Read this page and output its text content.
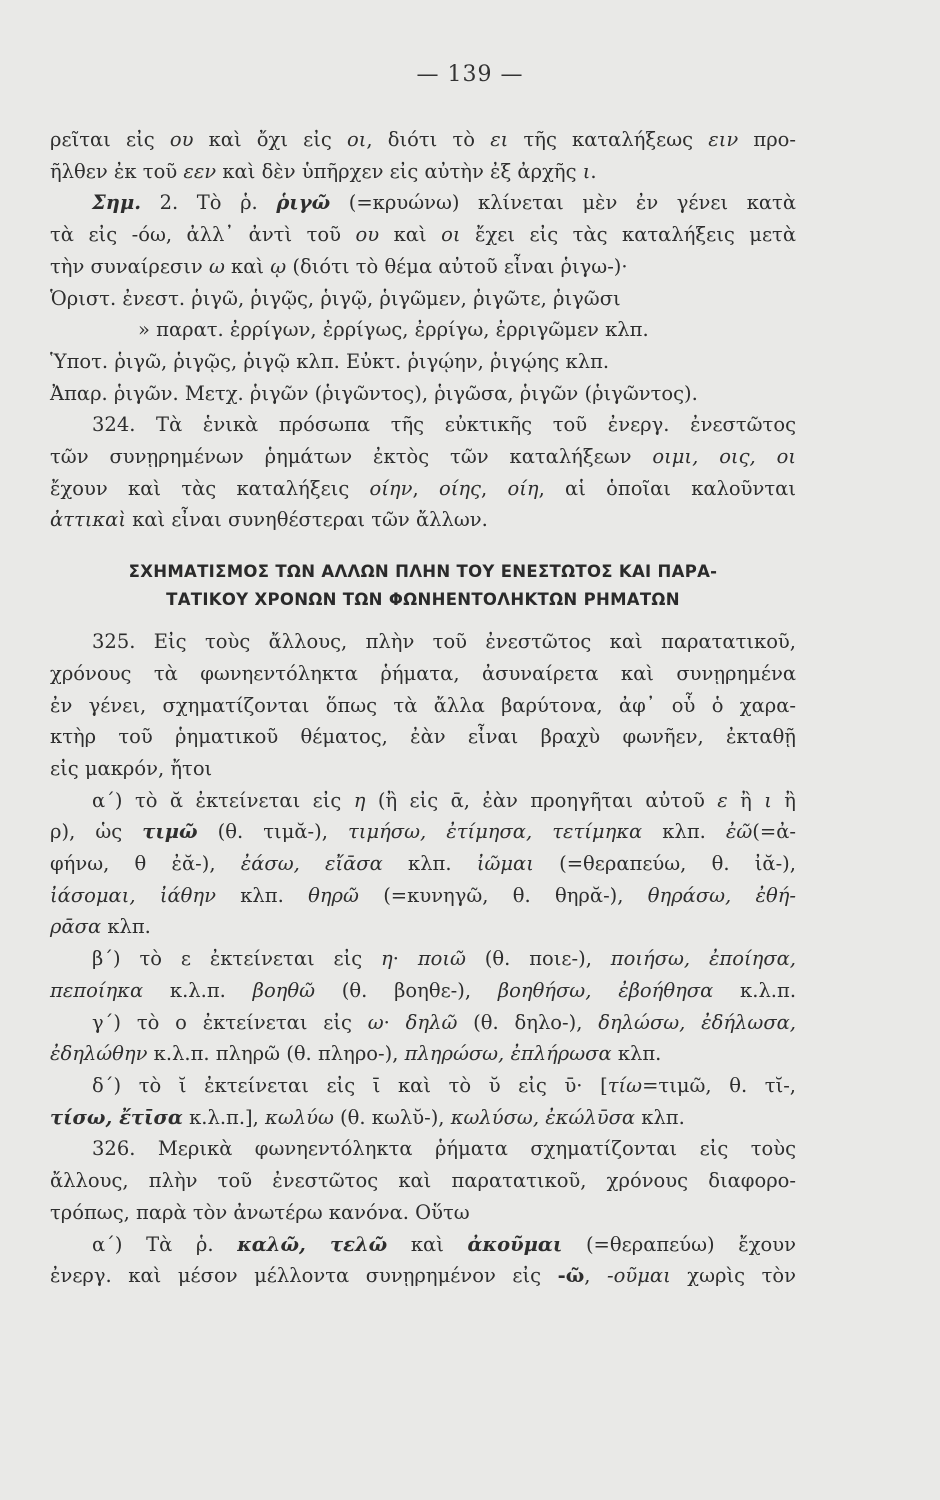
— 139 —
ρεῖται εἰς ου καὶ ὄχι εἰς οι, διότι τὸ ει τῆς καταλήξεως ειν προ-
ῆλθεν ἐκ τοῦ εεν καὶ δὲν ὑπῆρχεν εἰς αὐτὴν ἐξ ἀρχῆς ι.
Σημ. 2. Τὸ ῥ. ῥιγῶ (=κρυώνω) κλίνεται μὲν ἐν γένει κατὰ
τὰ εἰς -όω, ἀλλ᾽ ἀντὶ τοῦ ου καὶ οι ἔχει εἰς τὰς καταλήξεις μετὰ
τὴν συναίρεσιν ω καὶ ῳ (διότι τὸ θέμα αὐτοῦ εἶναι ῥιγω-)·
Ὁριστ. ἐνεστ. ῥιγῶ, ῥιγῷς, ῥιγῷ, ῥιγῶμεν, ῥιγῶτε, ῥιγῶσι
» παρατ. ἐρρίγων, ἐρρίγως, ἐρρίγω, ἐρριγῶμεν κλπ.
Ὑποτ. ῥιγῶ, ῥιγῷς, ῥιγῷ κλπ. Εὐκτ. ῥιγῴην, ῥιγῴης κλπ.
Ἀπαρ. ῥιγῶν. Μετχ. ῥιγῶν (ῥιγῶντος), ῥιγῶσα, ῥιγῶν (ῥιγῶντος).
324. Τὰ ἑνικὰ πρόσωπα τῆς εὐκτικῆς τοῦ ἐνεργ. ἐνεστῶτος
τῶν συνῃρημένων ῥημάτων ἐκτὸς τῶν καταλήξεων οιμι, οις, οι
ἔχουν καὶ τὰς καταλήξεις οίην, οίης, οίη, αἱ ὁποῖαι καλοῦνται
ἀττικαὶ καὶ εἶναι συνηθέστεραι τῶν ἄλλων.
ΣΧΗΜΑΤΙΣΜΟΣ ΤΩΝ ΑΛΛΩΝ ΠΛΗΝ ΤΟΥ ΕΝΕΣΤΩΤΟΣ ΚΑΙ ΠΑΡΑ-
ΤΑΤΙΚΟΥ ΧΡΟΝΩΝ ΤΩΝ ΦΩΝΗΕΝΤΟΛΗΚΤΩΝ ΡΗΜΑΤΩΝ
325. Εἰς τοὺς ἄλλους, πλὴν τοῦ ἐνεστῶτος καὶ παρατατικοῦ,
χρόνους τὰ φωνηεντόληκτα ῥήματα, ἀσυναίρετα καὶ συνῃρημένα
ἐν γένει, σχηματίζονται ὅπως τὰ ἄλλα βαρύτονα, ἀφ᾽ οὗ ὁ χαρα-
κτὴρ τοῦ ῥηματικοῦ θέματος, ἐὰν εἶναι βραχὺ φωνῆεν, ἐκταθῇ
εἰς μακρόν, ἤτοι
α´) τὸ ᾰ ἐκτείνεται εἰς η (ἢ εἰς ᾱ, ἐὰν προηγῆται αὐτοῦ ε ἢ ι ἢ
ρ), ὡς τιμῶ (θ. τιμᾰ-), τιμήσω, ἐτίμησα, τετίμηκα κλπ. ἐῶ(=ἀ-
φήνω, θ ἐᾰ-), ἐάσω, εἴᾱσα κλπ. ἰῶμαι (=θεραπεύω, θ. ἰᾰ-),
ἰάσομαι, ἰάθην κλπ. θηρῶ (=κυνηγῶ, θ. θηρᾰ-), θηράσω, ἐθή-
ρᾱσα κλπ.
β´) τὸ ε ἐκτείνεται εἰς η· ποιῶ (θ. ποιε-), ποιήσω, ἐποίησα,
πεποίηκα κ.λ.π. βοηθῶ (θ. βοηθε-), βοηθήσω, ἐβοήθησα κ.λ.π.
γ´) τὸ ο ἐκτείνεται εἰς ω· δηλῶ (θ. δηλο-), δηλώσω, ἐδήλωσα,
ἐδηλώθην κ.λ.π. πληρῶ (θ. πληρο-), πληρώσω, ἐπλήρωσα κλπ.
δ´) τὸ ῐ ἐκτείνεται εἰς ῑ καὶ τὸ ῠ εἰς ῡ· [τίω=τιμῶ, θ. τῐ-,
τίσω, ἔτῑσα κ.λ.π.], κωλύω (θ. κωλῠ-), κωλύσω, ἐκώλῡσα κλπ.
326. Μερικὰ φωνηεντόληκτα ῥήματα σχηματίζονται εἰς τοὺς
ἄλλους, πλὴν τοῦ ἐνεστῶτος καὶ παρατατικοῦ, χρόνους διαφορο-
τρόπως, παρὰ τὸν ἀνωτέρω κανόνα. Οὕτω
α´) Τὰ ῥ. καλῶ, τελῶ καὶ ἀκοῦμαι (=θεραπεύω) ἔχουν
ἐνεργ. καὶ μέσον μέλλοντα συνῃρημένον εἰς -ῶ, -οῦμαι χωρὶς τὸν
